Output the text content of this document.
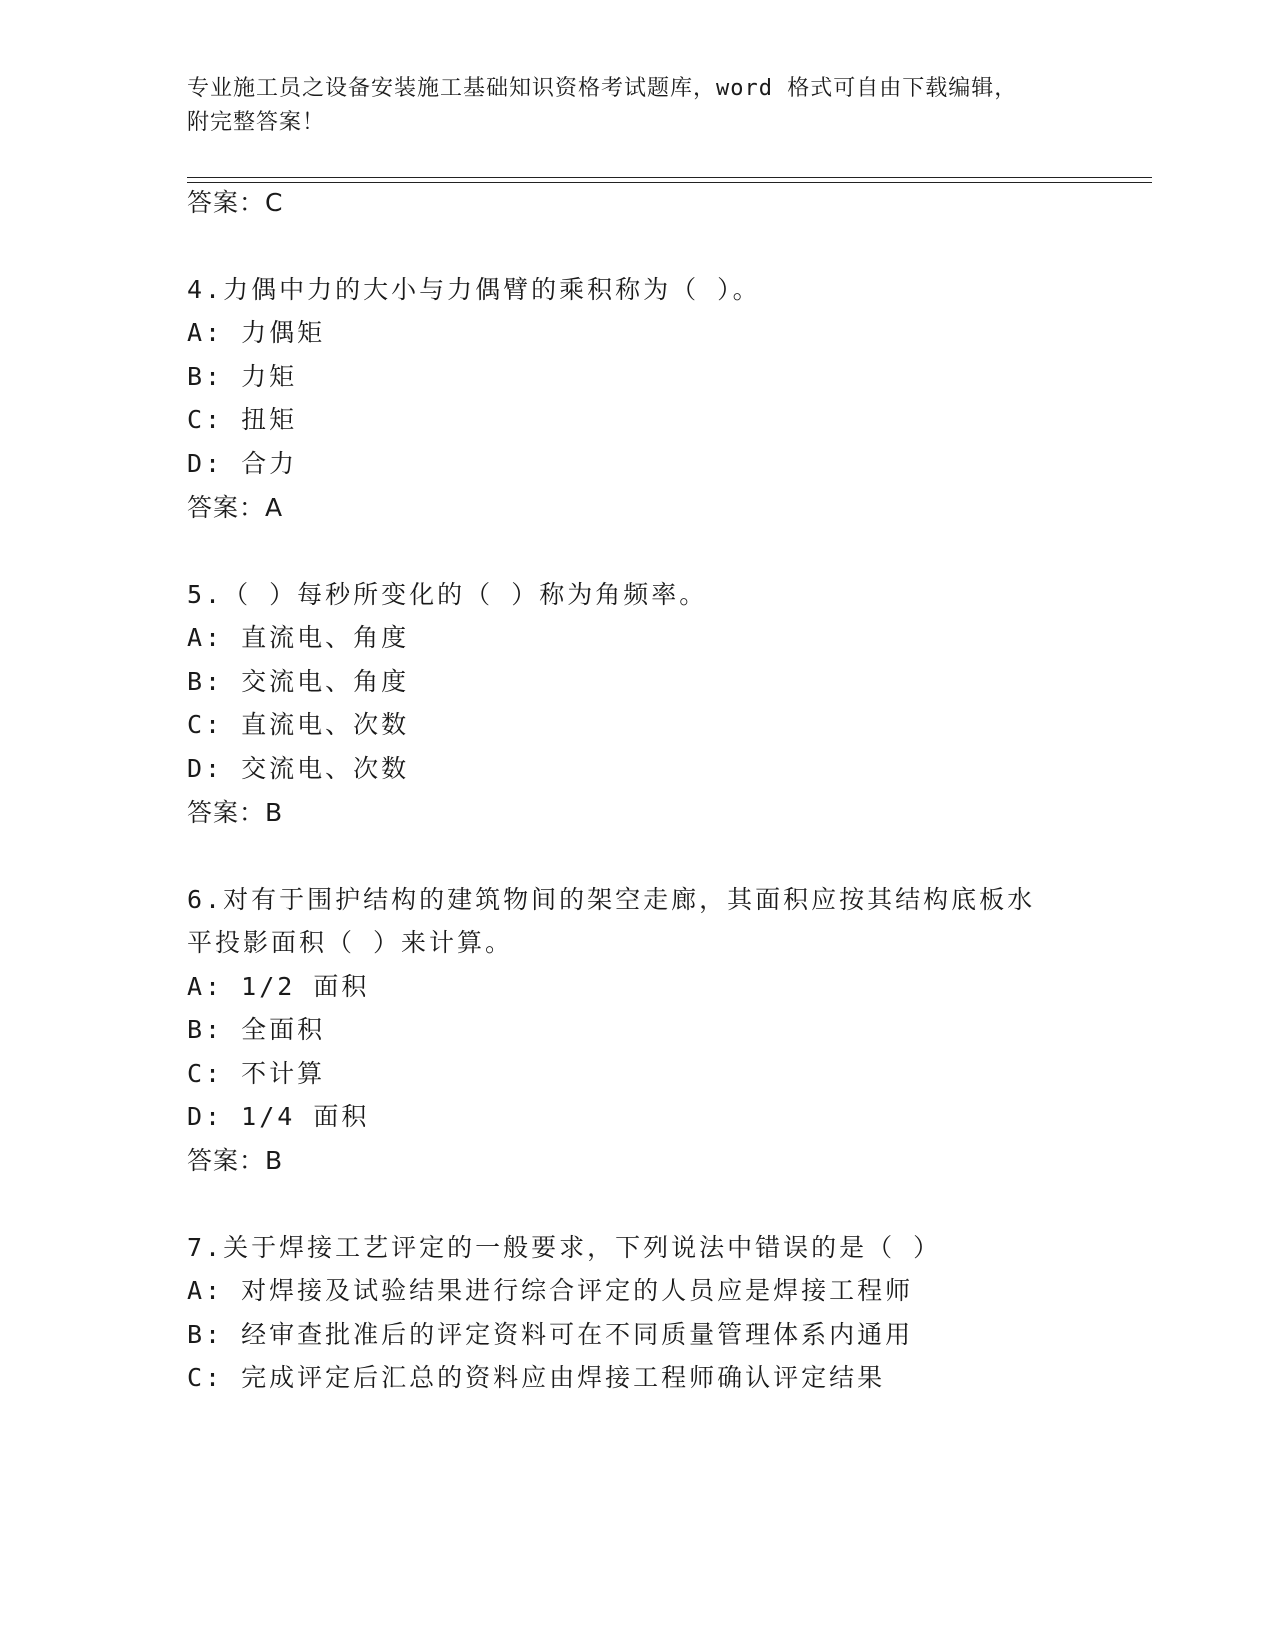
专业施工员之设备安装施工基础知识资格考试题库，word 格式可自由下载编辑，
附完整答案！
答案：C
4.力偶中力的大小与力偶臂的乘积称为（ ）。
A: 力偶矩
B: 力矩
C: 扭矩
D: 合力
答案：A
5.（ ）每秒所变化的（ ）称为角频率。
A: 直流电、角度
B: 交流电、角度
C: 直流电、次数
D: 交流电、次数
答案：B
6.对有于围护结构的建筑物间的架空走廊，其面积应按其结构底板水
平投影面积（ ）来计算。
A: 1/2 面积
B: 全面积
C: 不计算
D: 1/4 面积
答案：B
7.关于焊接工艺评定的一般要求，下列说法中错误的是（ ）
A: 对焊接及试验结果进行综合评定的人员应是焊接工程师
B: 经审查批准后的评定资料可在不同质量管理体系内通用
C: 完成评定后汇总的资料应由焊接工程师确认评定结果
